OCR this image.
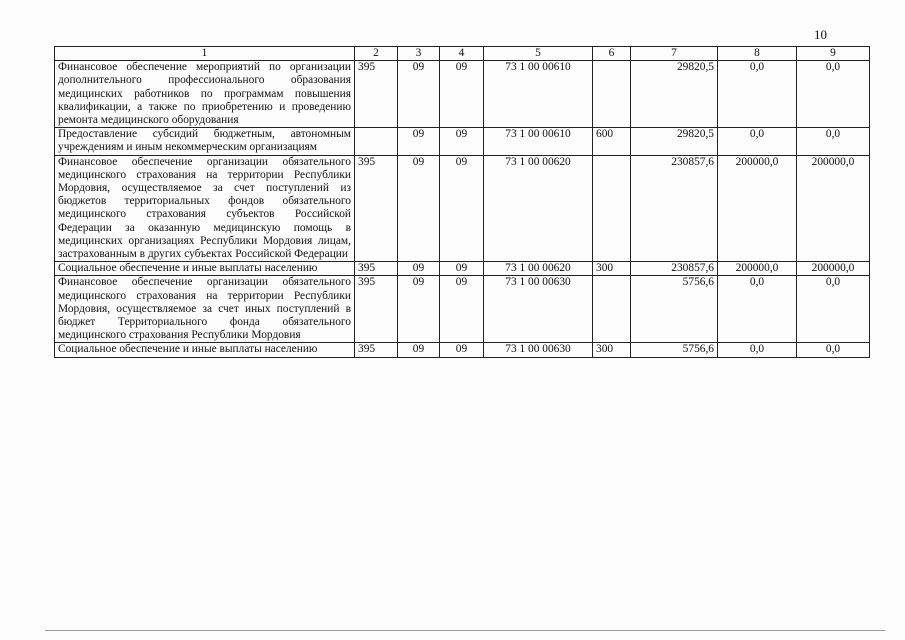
10
1	2	3	4	5	6	7	8	9
Финансовое обеспечение мероприятий по организации дополнительного профессионального образования медицинских работников по программам повышения квалификации, а также по приобретению и проведению ремонта медицинского оборудования	395	09	09	73 1 00 00610		29820,5	0,0	0,0
Предоставление субсидий бюджетным, автономным учреждениям и иным некоммерческим организациям		09	09	73 1 00 00610	600	29820,5	0,0	0,0
Финансовое обеспечение организации обязательного медицинского страхования на территории Республики Мордовия, осуществляемое за счет поступлений из бюджетов территориальных фондов обязательного медицинского страхования субъектов Российской Федерации за оказанную медицинскую помощь в медицинских организациях Республики Мордовия лицам, застрахованным в других субъектах Российской Федерации	395	09	09	73 1 00 00620		230857,6	200000,0	200000,0
Социальное обеспечение и иные выплаты населению	395	09	09	73 1 00 00620	300	230857,6	200000,0	200000,0
Финансовое обеспечение организации обязательного медицинского страхования на территории Республики Мордовия, осуществляемое за счет иных поступлений в бюджет Территориального фонда обязательного медицинского страхования Республики Мордовия	395	09	09	73 1 00 00630		5756,6	0,0	0,0
Социальное обеспечение и иные выплаты населению	395	09	09	73 1 00 00630	300	5756,6	0,0	0,0
